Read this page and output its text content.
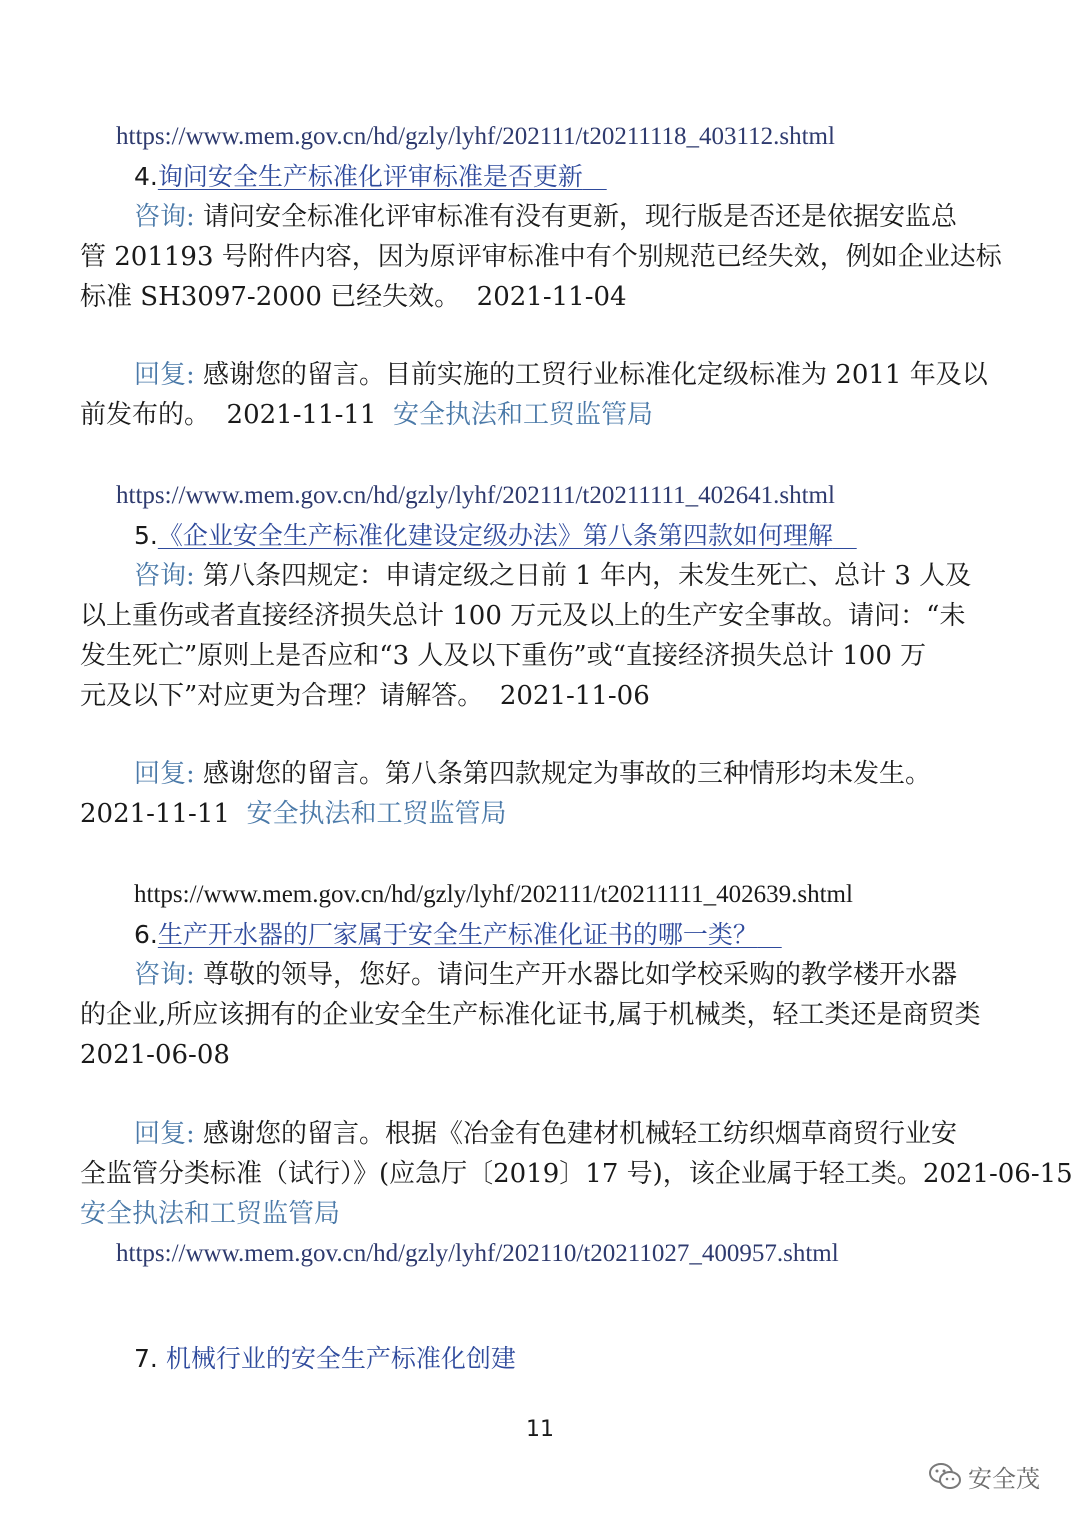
https://www.mem.gov.cn/hd/gzly/lyhf/202111/t20211118_403112.shtml
4.询问安全生产标准化评审标准是否更新
咨询: 请问安全标准化评审标准有没有更新，现行版是否还是依据安监总
管 201193 号附件内容，因为原评审标准中有个别规范已经失效，例如企业达标
标准 SH3097-2000 已经失效。 2021-11-04
回复: 感谢您的留言。目前实施的工贸行业标准化定级标准为 2011 年及以
前发布的。 2021-11-11 安全执法和工贸监管局
https://www.mem.gov.cn/hd/gzly/lyhf/202111/t20211111_402641.shtml
5.《企业安全生产标准化建设定级办法》第八条第四款如何理解
咨询: 第八条四规定：申请定级之日前 1 年内，未发生死亡、总计 3 人及
以上重伤或者直接经济损失总计 100 万元及以上的生产安全事故。请问：“未
发生死亡”原则上是否应和“3 人及以下重伤”或“直接经济损失总计 100 万
元及以下”对应更为合理？请解答。 2021-11-06
回复: 感谢您的留言。第八条第四款规定为事故的三种情形均未发生。
2021-11-11 安全执法和工贸监管局
https://www.mem.gov.cn/hd/gzly/lyhf/202111/t20211111_402639.shtml
6.生产开水器的厂家属于安全生产标准化证书的哪一类？
咨询: 尊敬的领导，您好。请问生产开水器比如学校采购的教学楼开水器
的企业,所应该拥有的企业安全生产标准化证书,属于机械类，轻工类还是商贸类
2021-06-08
回复: 感谢您的留言。根据《冶金有色建材机械轻工纺织烟草商贸行业安
全监管分类标准（试行）》(应急厅〔2019〕17 号)，该企业属于轻工类。2021-06-15
安全执法和工贸监管局
https://www.mem.gov.cn/hd/gzly/lyhf/202110/t20211027_400957.shtml
7. 机械行业的安全生产标准化创建
11
安全茂
